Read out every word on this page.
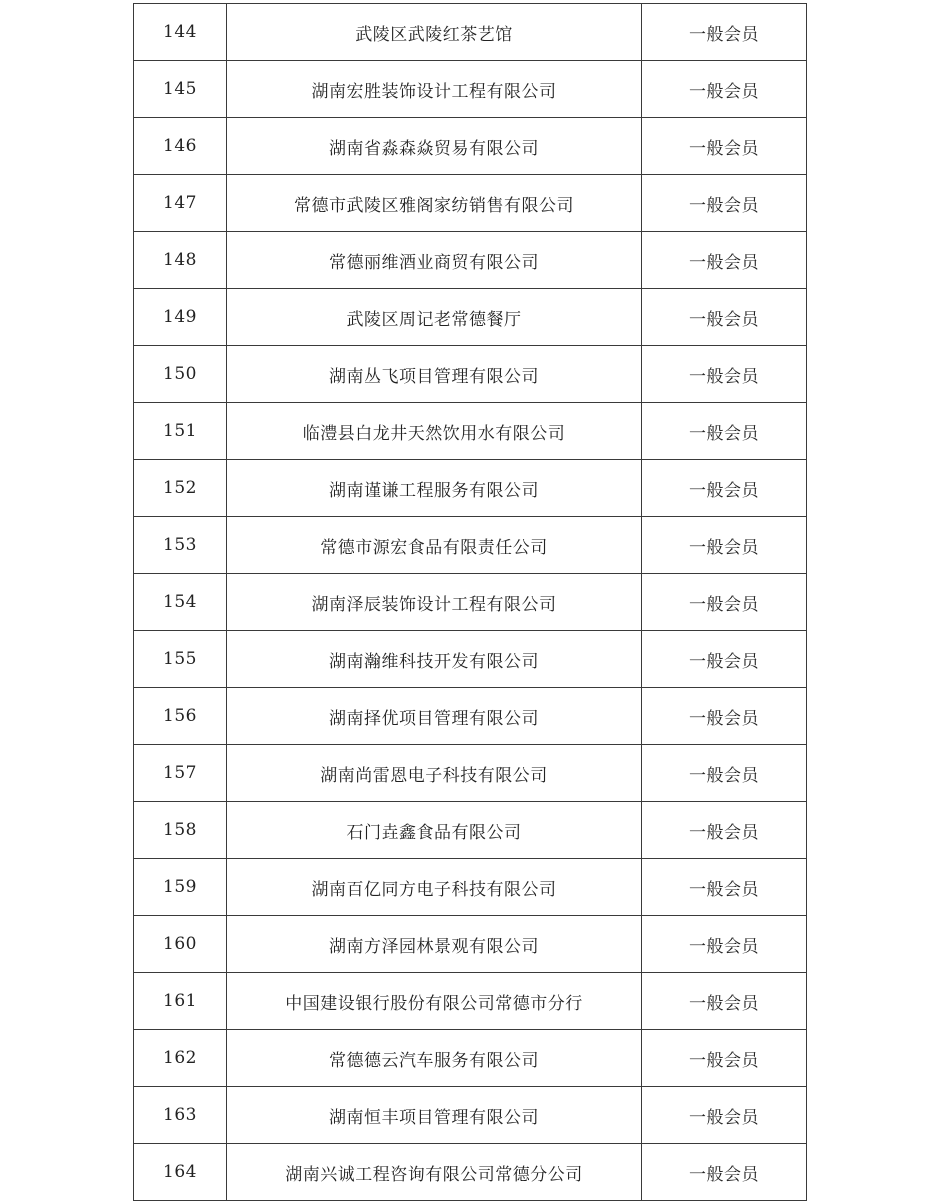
144	武陵区武陵红茶艺馆	一般会员
145	湖南宏胜装饰设计工程有限公司	一般会员
146	湖南省淼森焱贸易有限公司	一般会员
147	常德市武陵区雅阁家纺销售有限公司	一般会员
148	常德丽维酒业商贸有限公司	一般会员
149	武陵区周记老常德餐厅	一般会员
150	湖南丛飞项目管理有限公司	一般会员
151	临澧县白龙井天然饮用水有限公司	一般会员
152	湖南谨谦工程服务有限公司	一般会员
153	常德市源宏食品有限责任公司	一般会员
154	湖南泽辰装饰设计工程有限公司	一般会员
155	湖南瀚维科技开发有限公司	一般会员
156	湖南择优项目管理有限公司	一般会员
157	湖南尚雷恩电子科技有限公司	一般会员
158	石门垚鑫食品有限公司	一般会员
159	湖南百亿同方电子科技有限公司	一般会员
160	湖南方泽园林景观有限公司	一般会员
161	中国建设银行股份有限公司常德市分行	一般会员
162	常德德云汽车服务有限公司	一般会员
163	湖南恒丰项目管理有限公司	一般会员
164	湖南兴诚工程咨询有限公司常德分公司	一般会员
